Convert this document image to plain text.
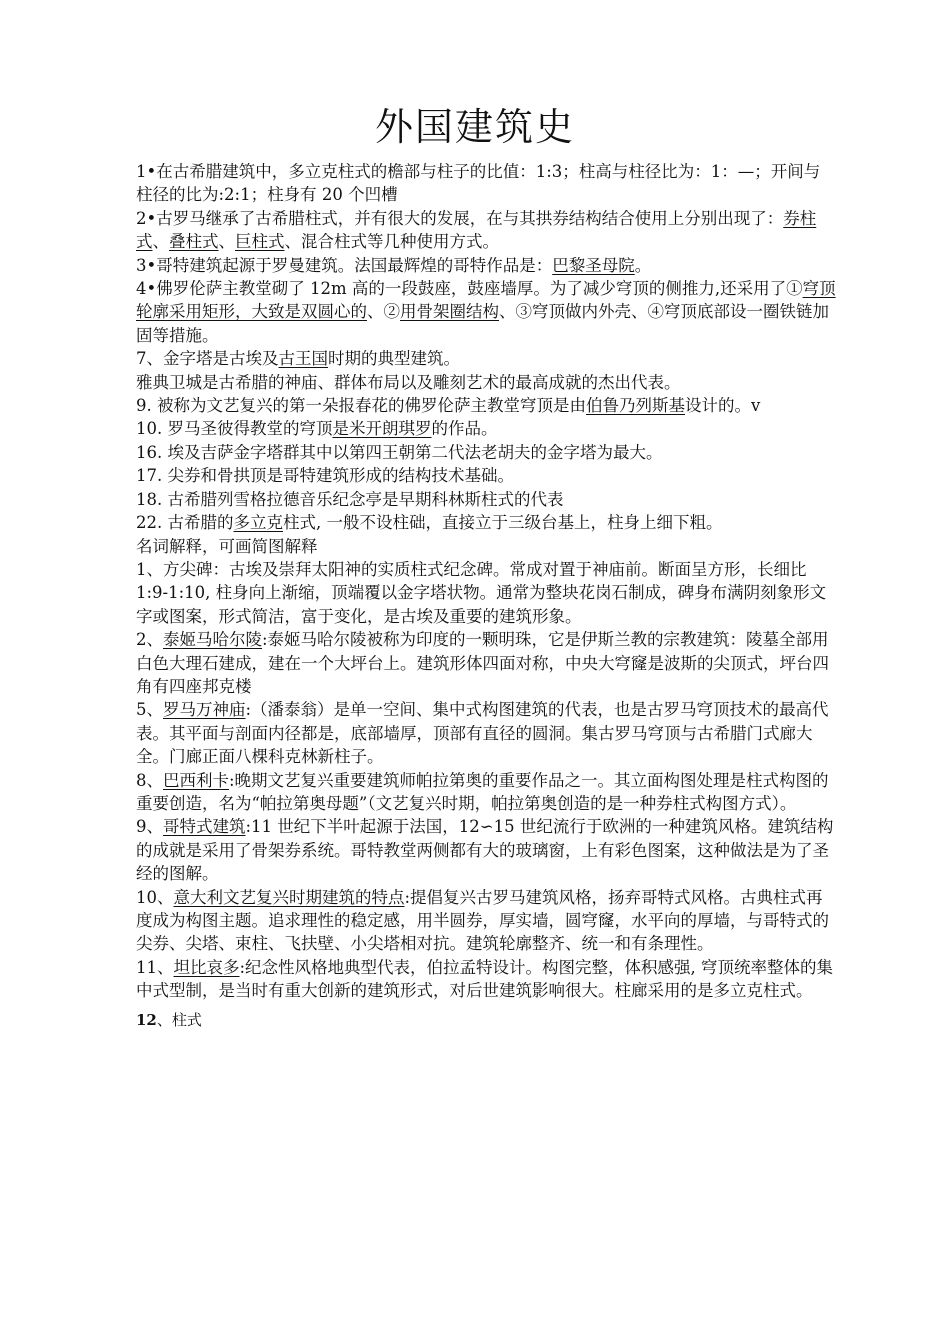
外国建筑史

1•在古希腊建筑中，多立克柱式的檐部与柱子的比值：1:3；柱高与柱径比为：1：—；开间与柱径的比为:2:1；柱身有 20 个凹槽

2•古罗马继承了古希腊柱式，并有很大的发展，在与其拱券结构结合使用上分别出现了：券柱式、叠柱式、巨柱式、混合柱式等几种使用方式。

3•哥特建筑起源于罗曼建筑。法国最辉煌的哥特作品是：巴黎圣母院。

4•佛罗伦萨主教堂砌了 12m 高的一段鼓座，鼓座墙厚。为了减少穹顶的侧推力,还采用了①穹顶轮廓采用矩形，大致是双圆心的、②用骨架圈结构、③穹顶做内外壳、④穹顶底部设一圈铁链加固等措施。

7、金字塔是古埃及古王国时期的典型建筑。

雅典卫城是古希腊的神庙、群体布局以及雕刻艺术的最高成就的杰出代表。

9. 被称为文艺复兴的第一朵报春花的佛罗伦萨主教堂穹顶是由伯鲁乃列斯基设计的。v

10. 罗马圣彼得教堂的穹顶是米开朗琪罗的作品。

16. 埃及吉萨金字塔群其中以第四王朝第二代法老胡夫的金字塔为最大。

17. 尖券和骨拱顶是哥特建筑形成的结构技术基础。

18. 古希腊列雪格拉德音乐纪念亭是早期科林斯柱式的代表

22. 古希腊的多立克柱式, 一般不设柱础，直接立于三级台基上，柱身上细下粗。

名词解释，可画简图解释

1、方尖碑：古埃及崇拜太阳神的实质柱式纪念碑。常成对置于神庙前。断面呈方形，长细比 1:9-1:10, 柱身向上渐缩，顶端覆以金字塔状物。通常为整块花岗石制成，碑身布满阴刻象形文字或图案，形式简洁，富于变化，是古埃及重要的建筑形象。

2、泰姬马哈尔陵:泰姬马哈尔陵被称为印度的一颗明珠，它是伊斯兰教的宗教建筑：陵墓全部用白色大理石建成，建在一个大坪台上。建筑形体四面对称，中央大穹窿是波斯的尖顶式，坪台四角有四座邦克楼

5、罗马万神庙:（潘泰翁）是单一空间、集中式构图建筑的代表，也是古罗马穹顶技术的最高代表。其平面与剖面内径都是，底部墙厚，顶部有直径的圆洞。集古罗马穹顶与古希腊门式廊大全。门廊正面八棵科克林新柱子。

8、巴西利卡:晚期文艺复兴重要建筑师帕拉第奥的重要作品之一。其立面构图处理是柱式构图的重要创造，名为“帕拉第奥母题”（文艺复兴时期，帕拉第奥创造的是一种券柱式构图方式）。

9、哥特式建筑:11 世纪下半叶起源于法国，12∽15 世纪流行于欧洲的一种建筑风格。建筑结构的成就是采用了骨架券系统。哥特教堂两侧都有大的玻璃窗，上有彩色图案，这种做法是为了圣经的图解。

10、意大利文艺复兴时期建筑的特点:提倡复兴古罗马建筑风格，扬弃哥特式风格。古典柱式再度成为构图主题。追求理性的稳定感，用半圆券，厚实墙，圆穹窿，水平向的厚墙，与哥特式的尖券、尖塔、束柱、飞扶壁、小尖塔相对抗。建筑轮廓整齐、统一和有条理性。

11、坦比哀多:纪念性风格地典型代表，伯拉孟特设计。构图完整，体积感强, 穹顶统率整体的集中式型制，是当时有重大创新的建筑形式，对后世建筑影响很大。柱廊采用的是多立克柱式。

12、柱式
